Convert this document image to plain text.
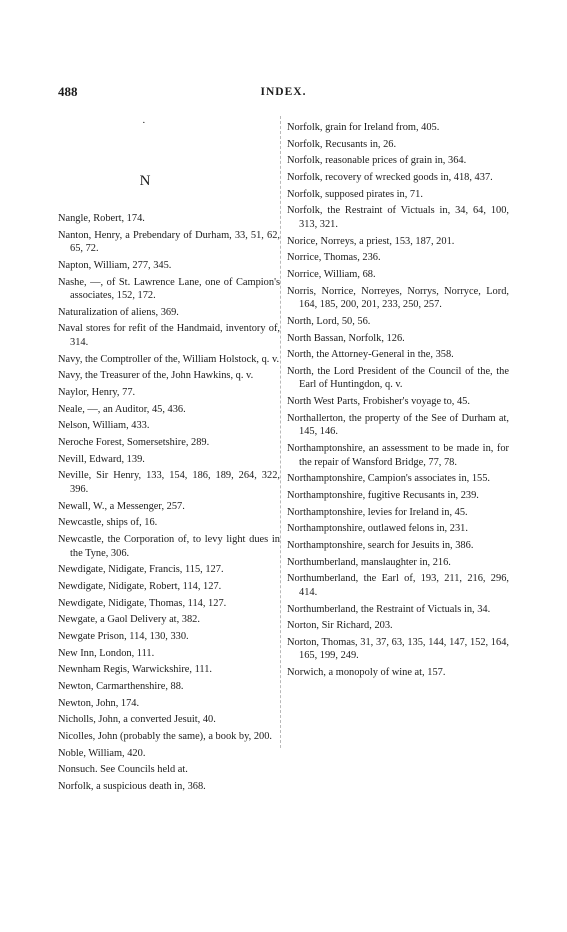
488	INDEX.
·
N
Nangle, Robert, 174.
Nanton, Henry, a Prebendary of Durham, 33, 51, 62, 65, 72.
Napton, William, 277, 345.
Nashe, —, of St. Lawrence Lane, one of Campion's associates, 152, 172.
Naturalization of aliens, 369.
Naval stores for refit of the Handmaid, inventory of, 314.
Navy, the Comptroller of the, William Holstock, q. v.
Navy, the Treasurer of the, John Hawkins, q. v.
Naylor, Henry, 77.
Neale, —, an Auditor, 45, 436.
Nelson, William, 433.
Neroche Forest, Somersetshire, 289.
Nevill, Edward, 139.
Neville, Sir Henry, 133, 154, 186, 189, 264, 322, 396.
Newall, W., a Messenger, 257.
Newcastle, ships of, 16.
Newcastle, the Corporation of, to levy light dues in the Tyne, 306.
Newdigate, Nidigate, Francis, 115, 127.
Newdigate, Nidigate, Robert, 114, 127.
Newdigate, Nidigate, Thomas, 114, 127.
Newgate, a Gaol Delivery at, 382.
Newgate Prison, 114, 130, 330.
New Inn, London, 111.
Newnham Regis, Warwickshire, 111.
Newton, Carmarthenshire, 88.
Newton, John, 174.
Nicholls, John, a converted Jesuit, 40.
Nicolles, John (probably the same), a book by, 200.
Noble, William, 420.
Nonsuch. See Councils held at.
Norfolk, a suspicious death in, 368.
Norfolk, grain for Ireland from, 405.
Norfolk, Recusants in, 26.
Norfolk, reasonable prices of grain in, 364.
Norfolk, recovery of wrecked goods in, 418, 437.
Norfolk, supposed pirates in, 71.
Norfolk, the Restraint of Victuals in, 34, 64, 100, 313, 321.
Norice, Norreys, a priest, 153, 187, 201.
Norrice, Thomas, 236.
Norrice, William, 68.
Norris, Norrice, Norreyes, Norrys, Norryce, Lord, 164, 185, 200, 201, 233, 250, 257.
North, Lord, 50, 56.
North Bassan, Norfolk, 126.
North, the Attorney-General in the, 358.
North, the Lord President of the Council of the, the Earl of Huntingdon, q. v.
North West Parts, Frobisher's voyage to, 45.
Northallerton, the property of the See of Durham at, 145, 146.
Northamptonshire, an assessment to be made in, for the repair of Wansford Bridge, 77, 78.
Northamptonshire, Campion's associates in, 155.
Northamptonshire, fugitive Recusants in, 239.
Northamptonshire, levies for Ireland in, 45.
Northamptonshire, outlawed felons in, 231.
Northamptonshire, search for Jesuits in, 386.
Northumberland, manslaughter in, 216.
Northumberland, the Earl of, 193, 211, 216, 296, 414.
Northumberland, the Restraint of Victuals in, 34.
Norton, Sir Richard, 203.
Norton, Thomas, 31, 37, 63, 135, 144, 147, 152, 164, 165, 199, 249.
Norwich, a monopoly of wine at, 157.
